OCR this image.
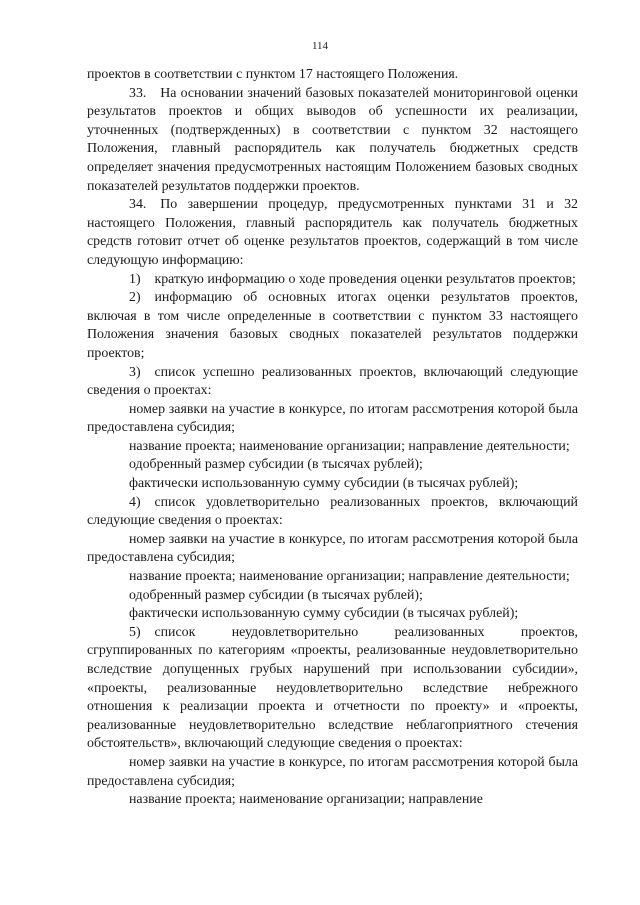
114

проектов в соответствии с пунктом 17 настоящего Положения.

33. На основании значений базовых показателей мониторинговой оценки результатов проектов и общих выводов об успешности их реализации, уточненных (подтвержденных) в соответствии с пунктом 32 настоящего Положения, главный распорядитель как получатель бюджетных средств определяет значения предусмотренных настоящим Положением базовых сводных показателей результатов поддержки проектов.

34. По завершении процедур, предусмотренных пунктами 31 и 32 настоящего Положения, главный распорядитель как получатель бюджетных средств готовит отчет об оценке результатов проектов, содержащий в том числе следующую информацию:

1) краткую информацию о ходе проведения оценки результатов проектов;

2) информацию об основных итогах оценки результатов проектов, включая в том числе определенные в соответствии с пунктом 33 настоящего Положения значения базовых сводных показателей результатов поддержки проектов;

3) список успешно реализованных проектов, включающий следующие сведения о проектах:

номер заявки на участие в конкурсе, по итогам рассмотрения которой была предоставлена субсидия;

название проекта; наименование организации; направление деятельности;

одобренный размер субсидии (в тысячах рублей);

фактически использованную сумму субсидии (в тысячах рублей);

4) список удовлетворительно реализованных проектов, включающий следующие сведения о проектах:

номер заявки на участие в конкурсе, по итогам рассмотрения которой была предоставлена субсидия;

название проекта; наименование организации; направление деятельности;

одобренный размер субсидии (в тысячах рублей);

фактически использованную сумму субсидии (в тысячах рублей);

5) список неудовлетворительно реализованных проектов, сгруппированных по категориям «проекты, реализованные неудовлетворительно вследствие допущенных грубых нарушений при использовании субсидии», «проекты, реализованные неудовлетворительно вследствие небрежного отношения к реализации проекта и отчетности по проекту» и «проекты, реализованные неудовлетворительно вследствие неблагоприятного стечения обстоятельств», включающий следующие сведения о проектах:

номер заявки на участие в конкурсе, по итогам рассмотрения которой была предоставлена субсидия;

название проекта; наименование организации; направление
